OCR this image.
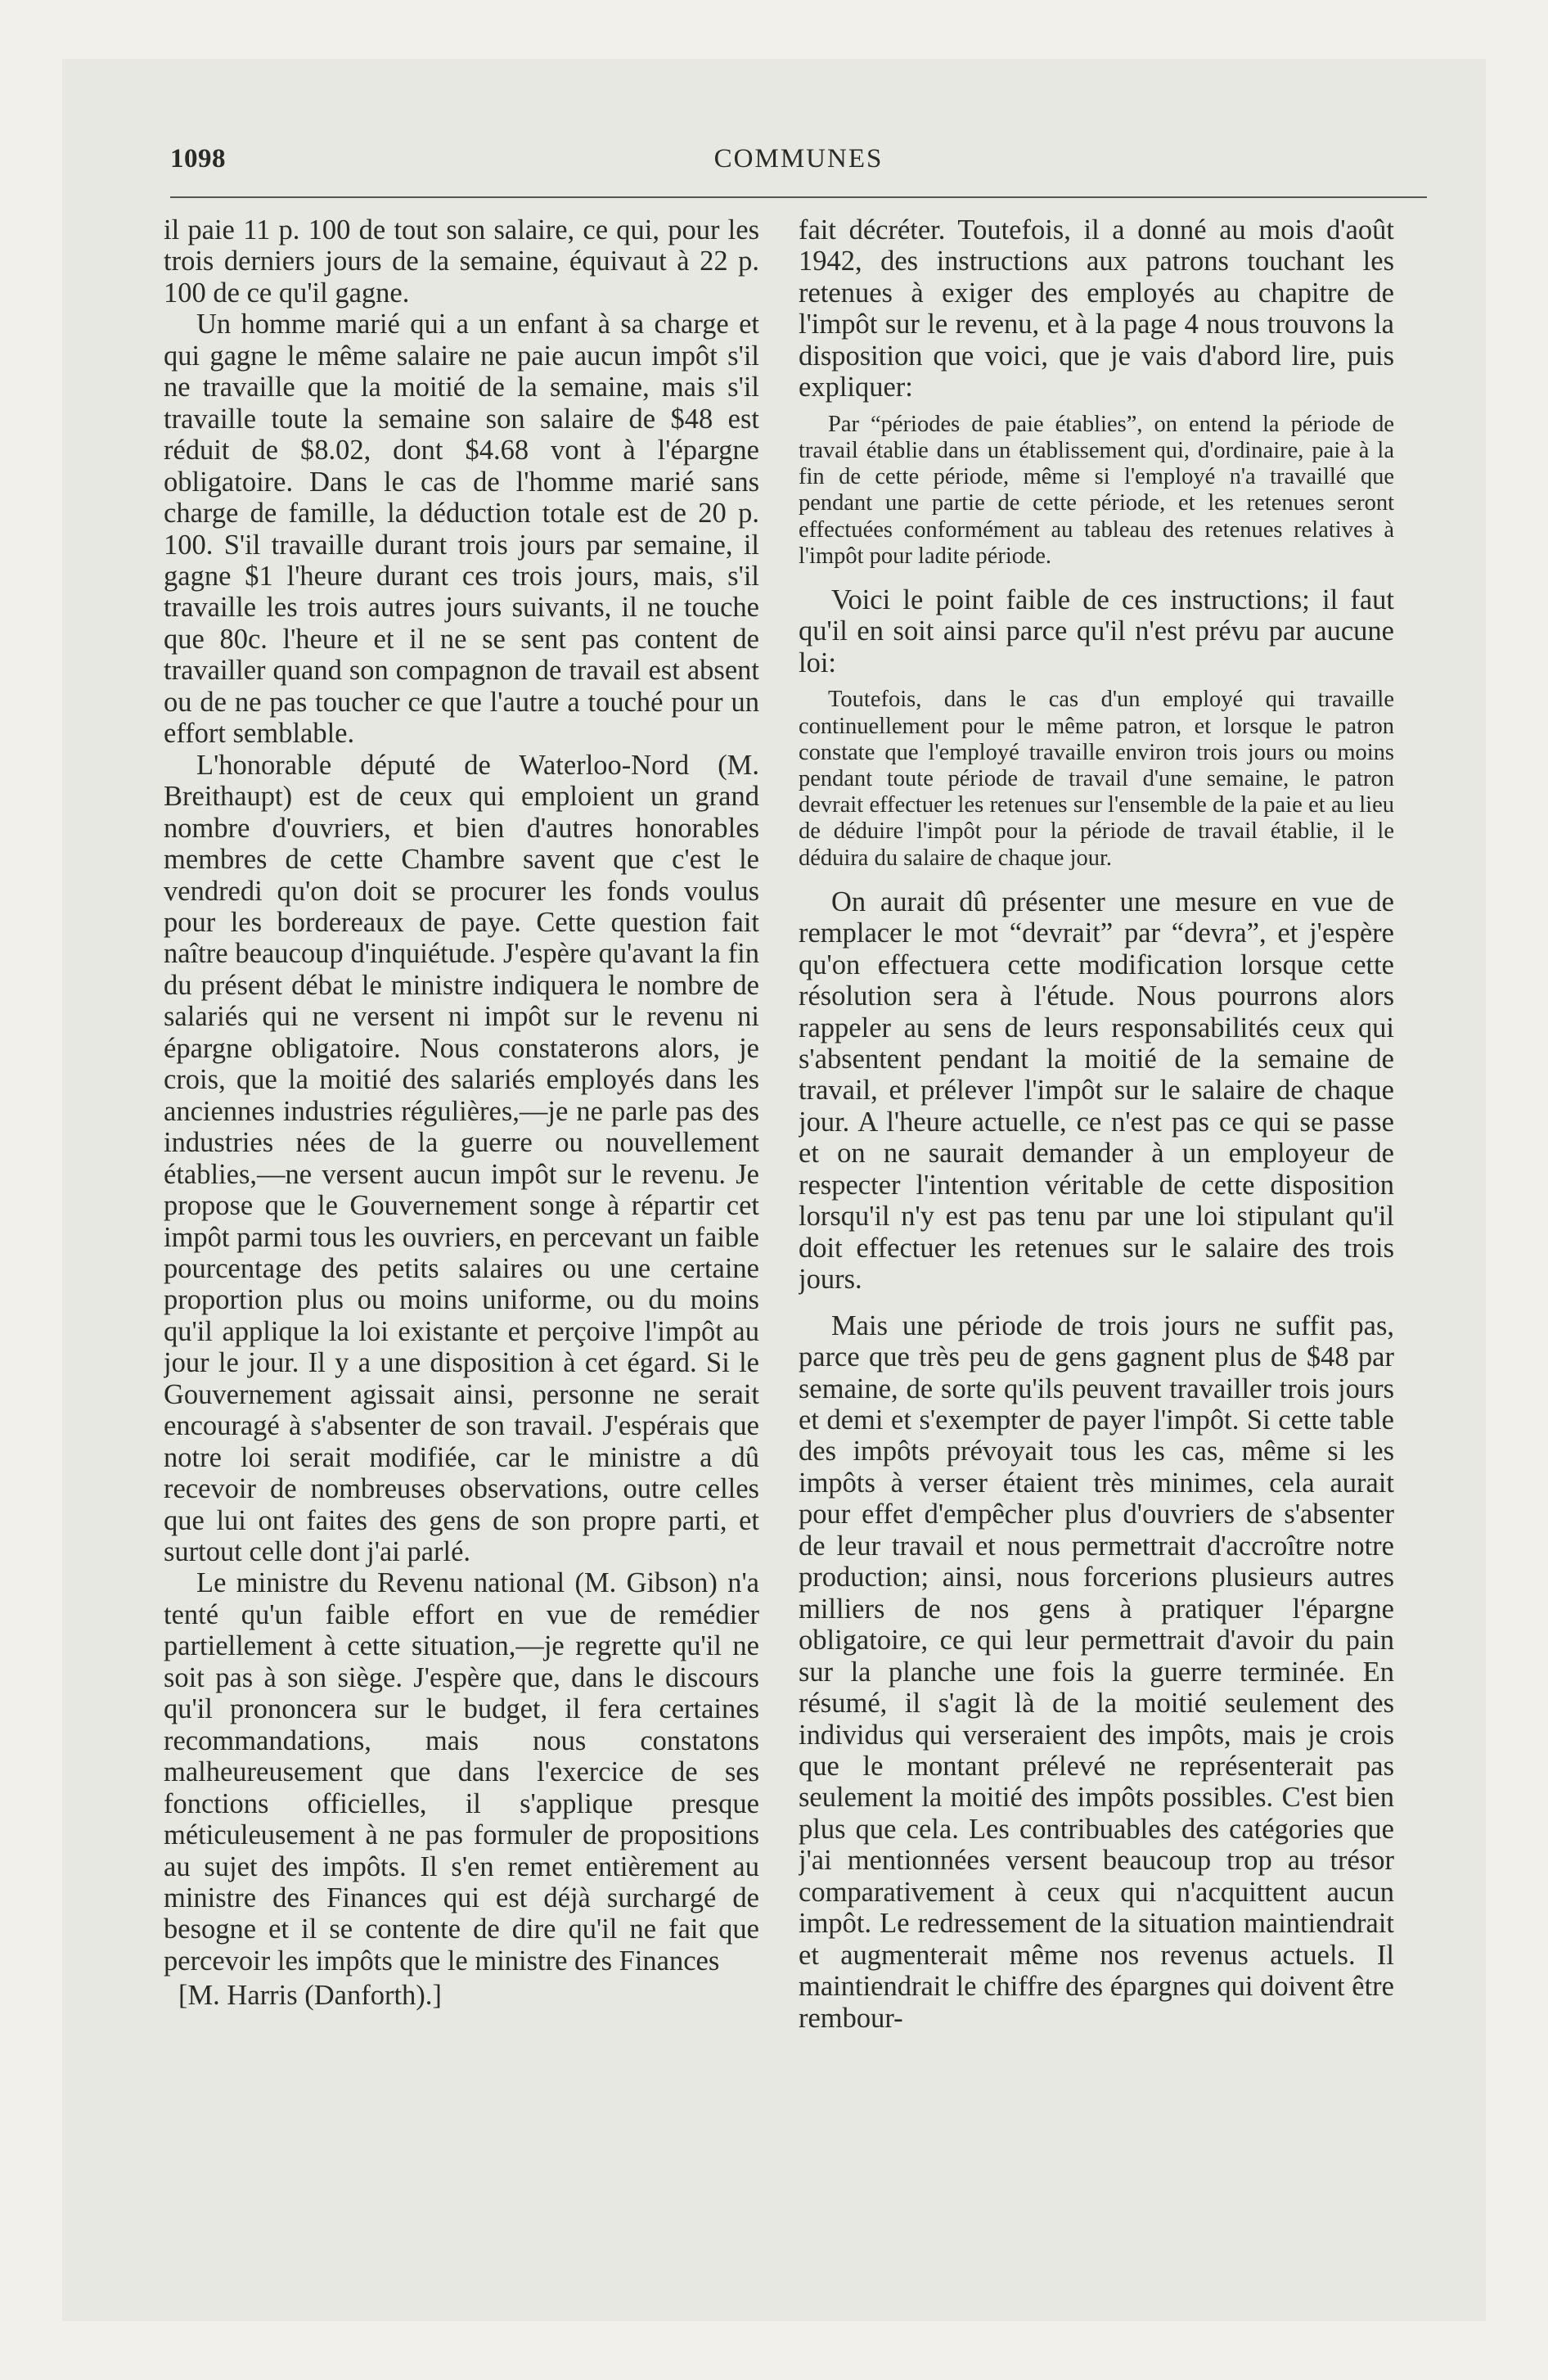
1098	COMMUNES

il paie 11 p. 100 de tout son salaire, ce qui, pour les trois derniers jours de la semaine, équivaut à 22 p. 100 de ce qu'il gagne.

Un homme marié qui a un enfant à sa charge et qui gagne le même salaire ne paie aucun impôt s'il ne travaille que la moitié de la semaine, mais s'il travaille toute la semaine son salaire de $48 est réduit de $8.02, dont $4.68 vont à l'épargne obligatoire. Dans le cas de l'homme marié sans charge de famille, la déduction totale est de 20 p. 100. S'il travaille durant trois jours par semaine, il gagne $1 l'heure durant ces trois jours, mais, s'il travaille les trois autres jours suivants, il ne touche que 80c. l'heure et il ne se sent pas content de travailler quand son compagnon de travail est absent ou de ne pas toucher ce que l'autre a touché pour un effort semblable.

L'honorable député de Waterloo-Nord (M. Breithaupt) est de ceux qui emploient un grand nombre d'ouvriers, et bien d'autres honorables membres de cette Chambre savent que c'est le vendredi qu'on doit se procurer les fonds voulus pour les bordereaux de paye. Cette question fait naître beaucoup d'inquiétude. J'espère qu'avant la fin du présent débat le ministre indiquera le nombre de salariés qui ne versent ni impôt sur le revenu ni épargne obligatoire. Nous constaterons alors, je crois, que la moitié des salariés employés dans les anciennes industries régulières,—je ne parle pas des industries nées de la guerre ou nouvellement établies,—ne versent aucun impôt sur le revenu. Je propose que le Gouvernement songe à répartir cet impôt parmi tous les ouvriers, en percevant un faible pourcentage des petits salaires ou une certaine proportion plus ou moins uniforme, ou du moins qu'il applique la loi existante et perçoive l'impôt au jour le jour. Il y a une disposition à cet égard. Si le Gouvernement agissait ainsi, personne ne serait encouragé à s'absenter de son travail. J'espérais que notre loi serait modifiée, car le ministre a dû recevoir de nombreuses observations, outre celles que lui ont faites des gens de son propre parti, et surtout celle dont j'ai parlé.

Le ministre du Revenu national (M. Gibson) n'a tenté qu'un faible effort en vue de remédier partiellement à cette situation,—je regrette qu'il ne soit pas à son siège. J'espère que, dans le discours qu'il prononcera sur le budget, il fera certaines recommandations, mais nous constatons malheureusement que dans l'exercice de ses fonctions officielles, il s'applique presque méticuleusement à ne pas formuler de propositions au sujet des impôts. Il s'en remet entièrement au ministre des Finances qui est déjà surchargé de besogne et il se contente de dire qu'il ne fait que percevoir les impôts que le ministre des Finances

[M. Harris (Danforth).]

fait décréter. Toutefois, il a donné au mois d'août 1942, des instructions aux patrons touchant les retenues à exiger des employés au chapitre de l'impôt sur le revenu, et à la page 4 nous trouvons la disposition que voici, que je vais d'abord lire, puis expliquer:

Par “périodes de paie établies”, on entend la période de travail établie dans un établissement qui, d'ordinaire, paie à la fin de cette période, même si l'employé n'a travaillé que pendant une partie de cette période, et les retenues seront effectuées conformément au tableau des retenues relatives à l'impôt pour ladite période.

Voici le point faible de ces instructions; il faut qu'il en soit ainsi parce qu'il n'est prévu par aucune loi:

Toutefois, dans le cas d'un employé qui travaille continuellement pour le même patron, et lorsque le patron constate que l'employé travaille environ trois jours ou moins pendant toute période de travail d'une semaine, le patron devrait effectuer les retenues sur l'ensemble de la paie et au lieu de déduire l'impôt pour la période de travail établie, il le déduira du salaire de chaque jour.

On aurait dû présenter une mesure en vue de remplacer le mot “devrait” par “devra”, et j'espère qu'on effectuera cette modification lorsque cette résolution sera à l'étude. Nous pourrons alors rappeler au sens de leurs responsabilités ceux qui s'absentent pendant la moitié de la semaine de travail, et prélever l'impôt sur le salaire de chaque jour. A l'heure actuelle, ce n'est pas ce qui se passe et on ne saurait demander à un employeur de respecter l'intention véritable de cette disposition lorsqu'il n'y est pas tenu par une loi stipulant qu'il doit effectuer les retenues sur le salaire des trois jours.

Mais une période de trois jours ne suffit pas, parce que très peu de gens gagnent plus de $48 par semaine, de sorte qu'ils peuvent travailler trois jours et demi et s'exempter de payer l'impôt. Si cette table des impôts prévoyait tous les cas, même si les impôts à verser étaient très minimes, cela aurait pour effet d'empêcher plus d'ouvriers de s'absenter de leur travail et nous permettrait d'accroître notre production; ainsi, nous forcerions plusieurs autres milliers de nos gens à pratiquer l'épargne obligatoire, ce qui leur permettrait d'avoir du pain sur la planche une fois la guerre terminée. En résumé, il s'agit là de la moitié seulement des individus qui verseraient des impôts, mais je crois que le montant prélevé ne représenterait pas seulement la moitié des impôts possibles. C'est bien plus que cela. Les contribuables des catégories que j'ai mentionnées versent beaucoup trop au trésor comparativement à ceux qui n'acquittent aucun impôt. Le redressement de la situation maintiendrait et augmenterait même nos revenus actuels. Il maintiendrait le chiffre des épargnes qui doivent être rembour-
